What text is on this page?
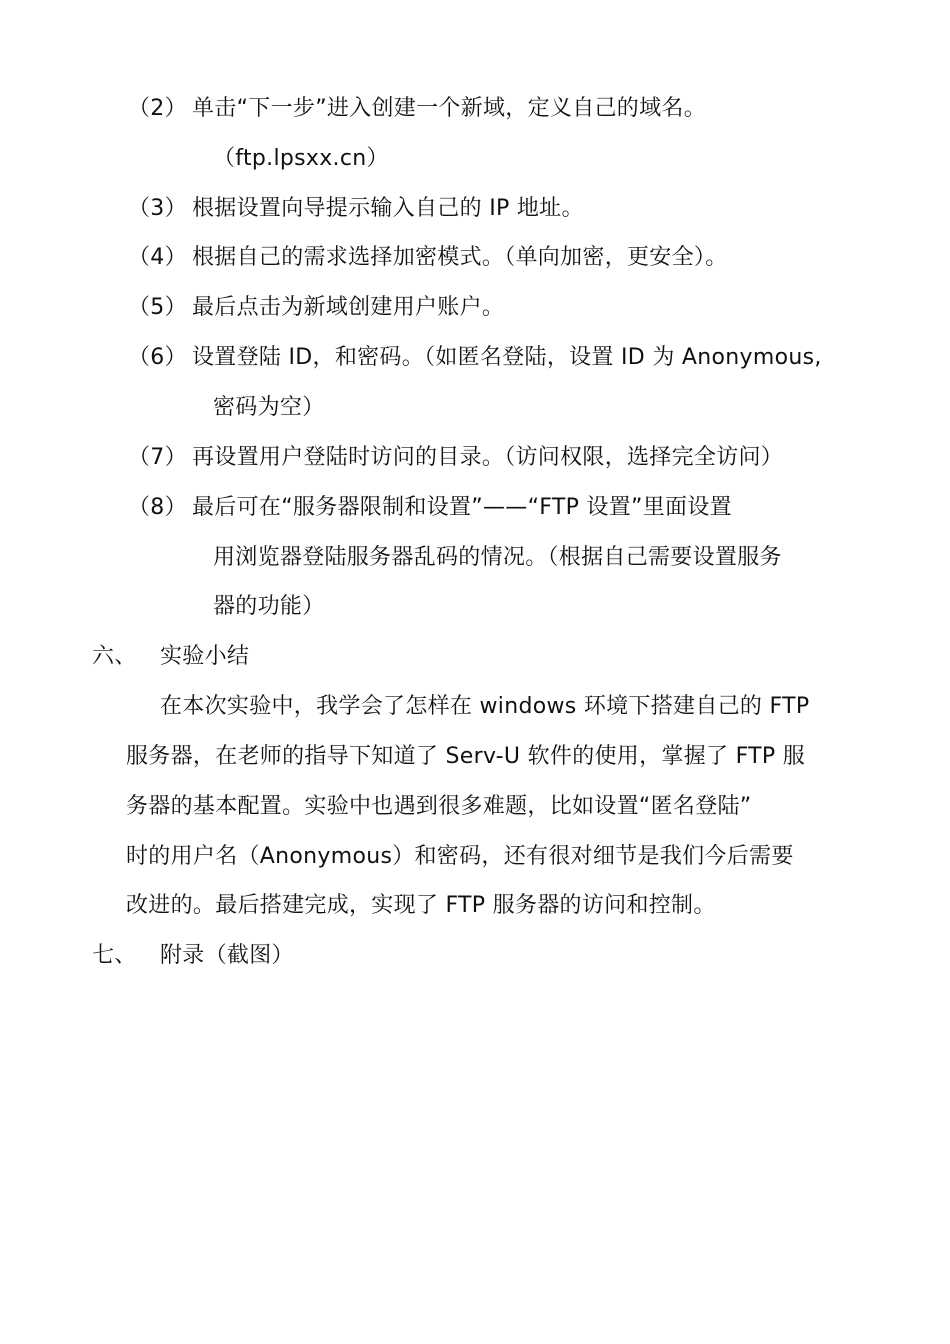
（2） 单击“下一步”进入创建一个新域，定义自己的域名。
（ftp.lpsxx.cn）
（3） 根据设置向导提示输入自己的 IP 地址。
（4） 根据自己的需求选择加密模式。（单向加密，更安全）。
（5） 最后点击为新域创建用户账户。
（6） 设置登陆 ID，和密码。（如匿名登陆，设置 ID 为 Anonymous,
密码为空）
（7） 再设置用户登陆时访问的目录。（访问权限，选择完全访问）
（8） 最后可在“服务器限制和设置”——“FTP 设置”里面设置
用浏览器登陆服务器乱码的情况。（根据自己需要设置服务
器的功能）
六、 实验小结
在本次实验中，我学会了怎样在 windows 环境下搭建自己的 FTP
服务器，在老师的指导下知道了 Serv-U 软件的使用，掌握了 FTP 服
务器的基本配置。实验中也遇到很多难题，比如设置“匿名登陆”
时的用户名（Anonymous）和密码，还有很对细节是我们今后需要
改进的。最后搭建完成，实现了 FTP 服务器的访问和控制。
七、 附录（截图）
